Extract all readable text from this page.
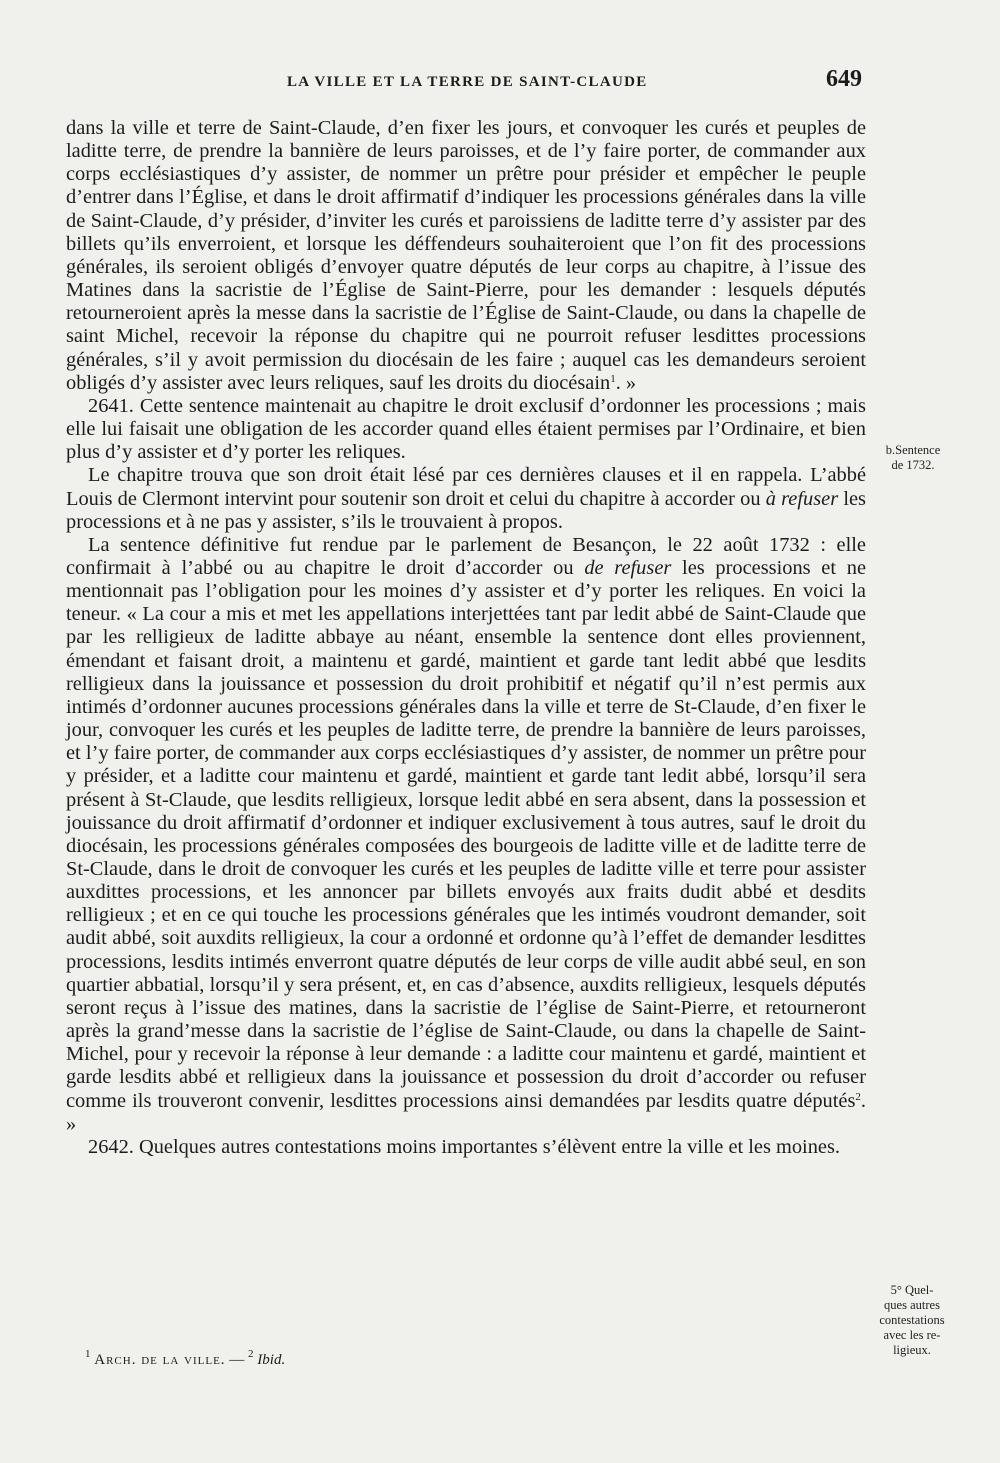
LA VILLE ET LA TERRE DE SAINT-CLAUDE	649

dans la ville et terre de Saint-Claude, d’en fixer les jours, et convoquer les curés et peuples de laditte terre, de prendre la bannière de leurs paroisses, et de l’y faire porter, de commander aux corps ecclésiastiques d’y assister, de nommer un prêtre pour présider et empêcher le peuple d’entrer dans l’Église, et dans le droit affirmatif d’indiquer les processions générales dans la ville de Saint-Claude, d’y présider, d’inviter les curés et paroissiens de laditte terre d’y assister par des billets qu’ils enverroient, et lorsque les déffendeurs souhaiteroient que l’on fit des processions générales, ils seroient obligés d’envoyer quatre députés de leur corps au chapitre, à l’issue des Matines dans la sacristie de l’Église de Saint-Pierre, pour les demander : lesquels députés retourneroient après la messe dans la sacristie de l’Église de Saint-Claude, ou dans la chapelle de saint Michel, recevoir la réponse du chapitre qui ne pourroit refuser lesdittes processions générales, s’il y avoit permission du diocésain de les faire ; auquel cas les demandeurs seroient obligés d’y assister avec leurs reliques, sauf les droits du diocésain$^1$. »

2641. Cette sentence maintenait au chapitre le droit exclusif d’ordonner les processions ; mais elle lui faisait une obligation de les accorder quand elles étaient permises par l’Ordinaire, et bien plus d’y assister et d’y porter les reliques.

Le chapitre trouva que son droit était lésé par ces dernières clauses et il en rappela. L’abbé Louis de Clermont intervint pour soutenir son droit et celui du chapitre à accorder ou à refuser les processions et à ne pas y assister, s’ils le trouvaient à propos.

La sentence définitive fut rendue par le parlement de Besançon, le 22 août 1732 : elle confirmait à l’abbé ou au chapitre le droit d’accorder ou de refuser les processions et ne mentionnait pas l’obligation pour les moines d’y assister et d’y porter les reliques. En voici la teneur. « La cour a mis et met les appellations interjettées tant par ledit abbé de Saint-Claude que par les relligieux de laditte abbaye au néant, ensemble la sentence dont elles proviennent, émendant et faisant droit, a maintenu et gardé, maintient et garde tant ledit abbé que lesdits relligieux dans la jouissance et possession du droit prohibitif et négatif qu’il n’est permis aux intimés d’ordonner aucunes processions générales dans la ville et terre de St-Claude, d’en fixer le jour, convoquer les curés et les peuples de laditte terre, de prendre la bannière de leurs paroisses, et l’y faire porter, de commander aux corps ecclésiastiques d’y assister, de nommer un prêtre pour y présider, et a laditte cour maintenu et gardé, maintient et garde tant ledit abbé, lorsqu’il sera présent à St-Claude, que lesdits relligieux, lorsque ledit abbé en sera absent, dans la possession et jouissance du droit affirmatif d’ordonner et indiquer exclusivement à tous autres, sauf le droit du diocésain, les processions générales composées des bourgeois de laditte ville et de laditte terre de St-Claude, dans le droit de convoquer les curés et les peuples de laditte ville et terre pour assister auxdittes processions, et les annoncer par billets envoyés aux fraits dudit abbé et desdits relligieux ; et en ce qui touche les processions générales que les intimés voudront demander, soit audit abbé, soit auxdits relligieux, la cour a ordonné et ordonne qu’à l’effet de demander lesdittes processions, lesdits intimés enverront quatre députés de leur corps de ville audit abbé seul, en son quartier abbatial, lorsqu’il y sera présent, et, en cas d’absence, auxdits relligieux, lesquels députés seront reçus à l’issue des matines, dans la sacristie de l’église de Saint-Pierre, et retourneront après la grand’messe dans la sacristie de l’église de Saint-Claude, ou dans la chapelle de Saint-Michel, pour y recevoir la réponse à leur demande : a laditte cour maintenu et gardé, maintient et garde lesdits abbé et relligieux dans la jouissance et possession du droit d’accorder ou refuser comme ils trouveront convenir, lesdittes processions ainsi demandées par lesdits quatre députés$^2$. »

2642. Quelques autres contestations moins importantes s’élèvent entre la ville et les moines.

b.Sentence
de 1732.
5° Quel-
ques autres
contestations
avec les re-
ligieux.
$^1$ Arch. de la ville. — $^2$ Ibid.
